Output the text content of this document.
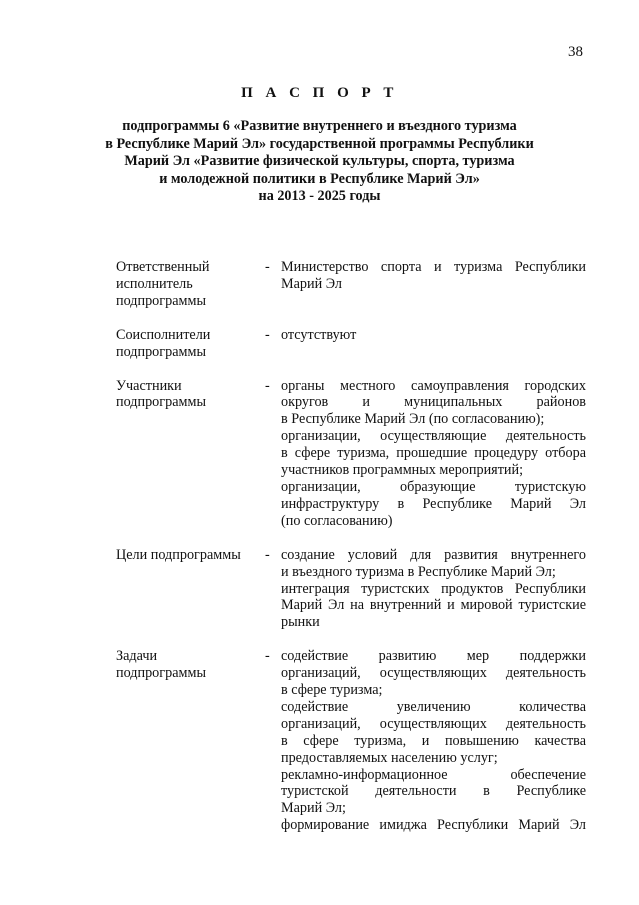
38
П А С П О Р Т
подпрограммы 6 «Развитие внутреннего и въездного туризма
в Республике Марий Эл» государственной программы Республики
Марий Эл «Развитие физической культуры, спорта, туризма
и молодежной политики в Республике Марий Эл»
на 2013 - 2025 годы
Ответственный
исполнитель
подпрограммы
- Министерство спорта и туризма Республики
Марий Эл
Соисполнители
подпрограммы
- отсутствуют
Участники
подпрограммы
- органы местного самоуправления городских
округов и муниципальных районов
в Республике Марий Эл (по согласованию);
организации, осуществляющие деятельность
в сфере туризма, прошедшие процедуру отбора
участников программных мероприятий;
организации, образующие туристскую
инфраструктуру в Республике Марий Эл
(по согласованию)
Цели подпрограммы	- создание условий для развития внутреннего
и въездного туризма в Республике Марий Эл;
интеграция туристских продуктов Республики
Марий Эл на внутренний и мировой туристские
рынки
Задачи
подпрограммы
- содействие развитию мер поддержки
организаций, осуществляющих деятельность
в сфере туризма;
содействие увеличению количества
организаций, осуществляющих деятельность
в сфере туризма, и повышению качества
предоставляемых населению услуг;
рекламно-информационное обеспечение
туристской деятельности в Республике
Марий Эл;
формирование имиджа Республики Марий Эл
